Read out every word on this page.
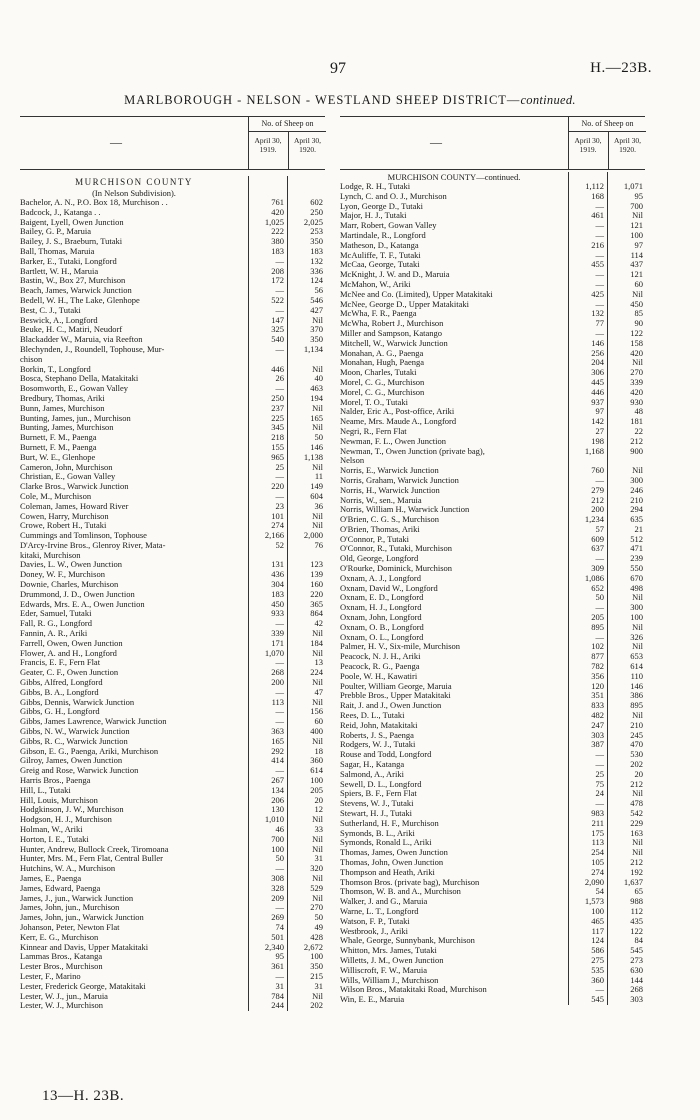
97	H.—23B.
MARLBOROUGH - NELSON - WESTLAND SHEEP DISTRICT—continued.
—
No. of Sheep on
April 30, 1919.
April 30, 1920.
MURCHISON COUNTY
(In Nelson Subdivision).
Bachelor, A. N., P.O. Box 18, Murchison . .	761	602
Badcock, J., Katanga . .	420	250
Baigent, Lyell, Owen Junction	1,025	2,025
Bailey, G. P., Maruia	222	253
Bailey, J. S., Braeburn, Tutaki	380	350
Ball, Thomas, Maruia	183	183
Barker, E., Tutaki, Longford	—	132
Bartlett, W. H., Maruia	208	336
Bastin, W., Box 27, Murchison	172	124
Beach, James, Warwick Junction	—	56
Bedell, W. H., The Lake, Glenhope	522	546
Best, C. J., Tutaki	—	427
Beswick, A., Longford	147	Nil
Beuke, H. C., Matiri, Neudorf	325	370
Blackadder W., Maruia, via Reefton	540	350
Blechynden, J., Roundell, Tophouse, Mur-	—	1,134
chison
Borkin, T., Longford	446	Nil
Bosca, Stephano Della, Matakitaki	26	40
Bosomworth, E., Gowan Valley	—	463
Bredbury, Thomas, Ariki	250	194
Bunn, James, Murchison	237	Nil
Bunting, James, jun., Murchison	225	165
Bunting, James, Murchison	345	Nil
Burnett, F. M., Paenga	218	50
Burnett, F. M., Paenga	155	146
Burt, W. E., Glenhope	965	1,138
Cameron, John, Murchison	25	Nil
Christian, E., Gowan Valley	—	11
Clarke Bros., Warwick Junction	220	149
Cole, M., Murchison	—	604
Coleman, James, Howard River	23	36
Cowen, Harry, Murchison	101	Nil
Crowe, Robert H., Tutaki	274	Nil
Cummings and Tomlinson, Tophouse	2,166	2,000
D'Arcy-Irvine Bros., Glenroy River, Mata-	52	76
kitaki, Murchison
Davies, L. W., Owen Junction	131	123
Doney, W. F., Murchison	436	139
Downie, Charles, Murchison	304	160
Drummond, J. D., Owen Junction	183	220
Edwards, Mrs. E. A., Owen Junction	450	365
Eder, Samuel, Tutaki	933	864
Fall, R. G., Longford	—	42
Fannin, A. R., Ariki	339	Nil
Farrell, Owen, Owen Junction	171	184
Flower, A. and H., Longford	1,070	Nil
Francis, E. F., Fern Flat	—	13
Geater, C. F., Owen Junction	268	224
Gibbs, Alfred, Longford	200	Nil
Gibbs, B. A., Longford	—	47
Gibbs, Dennis, Warwick Junction	113	Nil
Gibbs, G. H., Longford	—	156
Gibbs, James Lawrence, Warwick Junction	—	60
Gibbs, N. W., Warwick Junction	363	400
Gibbs, R. C., Warwick Junction	165	Nil
Gibson, E. G., Paenga, Ariki, Murchison	292	18
Gilroy, James, Owen Junction	414	360
Greig and Rose, Warwick Junction	—	614
Harris Bros., Paenga	267	100
Hill, L., Tutaki	134	205
Hill, Louis, Murchison	206	20
Hodgkinson, J. W., Murchison	130	12
Hodgson, H. J., Murchison	1,010	Nil
Holman, W., Ariki	46	33
Horton, I. E., Tutaki	700	Nil
Hunter, Andrew, Bullock Creek, Tiromoana	100	Nil
Hunter, Mrs. M., Fern Flat, Central Buller	50	31
Hutchins, W. A., Murchison	—	320
James, E., Paenga	308	Nil
James, Edward, Paenga	328	529
James, J., jun., Warwick Junction	209	Nil
James, John, jun., Murchison	—	270
James, John, jun., Warwick Junction	269	50
Johanson, Peter, Newton Flat	74	49
Kerr, E. G., Murchison	501	428
Kinnear and Davis, Upper Matakitaki	2,340	2,672
Lammas Bros., Katanga	95	100
Lester Bros., Murchison	361	350
Lester, F., Marino	—	215
Lester, Frederick George, Matakitaki	31	31
Lester, W. J., jun., Maruia	784	Nil
Lester, W. J., Murchison	244	202
—
No. of Sheep on
April 30, 1919.
April 30, 1920.
MURCHISON COUNTY—continued.
Lodge, R. H., Tutaki	1,112	1,071
Lynch, C. and O. J., Murchison	168	95
Lyon, George D., Tutaki	—	700
Major, H. J., Tutaki	461	Nil
Marr, Robert, Gowan Valley	—	121
Martindale, R., Longford	—	100
Matheson, D., Katanga	216	97
McAuliffe, T. F., Tutaki	—	114
McCaa, George, Tutaki	455	437
McKnight, J. W. and D., Maruia	—	121
McMahon, W., Ariki	—	60
McNee and Co. (Limited), Upper Matakitaki	425	Nil
McNee, George D., Upper Matakitaki	—	450
McWha, F. R., Paenga	132	85
McWha, Robert J., Murchison	77	90
Miller and Sampson, Katango	—	122
Mitchell, W., Warwick Junction	146	158
Monahan, A. G., Paenga	256	420
Monahan, Hugh, Paenga	204	Nil
Moon, Charles, Tutaki	306	270
Morel, C. G., Murchison	445	339
Morel, C. G., Murchison	446	420
Morel, T. O., Tutaki	937	930
Nalder, Eric A., Post-office, Ariki	97	48
Neame, Mrs. Maude A., Longford	142	181
Negri, R., Fern Flat	27	22
Newman, F. L., Owen Junction	198	212
Newman, T., Owen Junction (private bag),	1,168	900
Nelson
Norris, E., Warwick Junction	760	Nil
Norris, Graham, Warwick Junction	—	300
Norris, H., Warwick Junction	279	246
Norris, W., sen., Maruia	212	210
Norris, William H., Warwick Junction	200	294
O'Brien, C. G. S., Murchison	1,234	635
O'Brien, Thomas, Ariki	57	21
O'Connor, P., Tutaki	609	512
O'Connor, R., Tutaki, Murchison	637	471
Old, George, Longford	—	239
O'Rourke, Dominick, Murchison	309	550
Oxnam, A. J., Longford	1,086	670
Oxnam, David W., Longford	652	498
Oxnam, E. D., Longford	50	Nil
Oxnam, H. J., Longford	—	300
Oxnam, John, Longford	205	100
Oxnam, O. B., Longford	895	Nil
Oxnam, O. L., Longford	—	326
Palmer, H. V., Six-mile, Murchison	102	Nil
Peacock, N. J. H., Ariki	877	653
Peacock, R. G., Paenga	782	614
Poole, W. H., Kawatiri	356	110
Poulter, William George, Maruia	120	146
Prebble Bros., Upper Matakitaki	351	386
Rait, J. and J., Owen Junction	833	895
Rees, D. L., Tutaki	482	Nil
Reid, John, Matakitaki	247	210
Roberts, J. S., Paenga	303	245
Rodgers, W. J., Tutaki	387	470
Rouse and Todd, Longford	—	530
Sagar, H., Katanga	—	202
Salmond, A., Ariki	25	20
Sewell, D. L., Longford	75	212
Spiers, B. F., Fern Flat	24	Nil
Stevens, W. J., Tutaki	—	478
Stewart, H. J., Tutaki	983	542
Sutherland, H. F., Murchison	211	229
Symonds, B. L., Ariki	175	163
Symonds, Ronald L., Ariki	113	Nil
Thomas, James, Owen Junction	254	Nil
Thomas, John, Owen Junction	105	212
Thompson and Heath, Ariki	274	192
Thomson Bros. (private bag), Murchison	2,090	1,637
Thomson, W. B. and A., Murchison	54	65
Walker, J. and G., Maruia	1,573	988
Warne, L. T., Longford	100	112
Watson, F. P., Tutaki	465	435
Westbrook, J., Ariki	117	122
Whale, George, Sunnybank, Murchison	124	84
Whitton, Mrs. James, Tutaki	586	545
Willetts, J. M., Owen Junction	275	273
Williscroft, F. W., Maruia	535	630
Wills, William J., Murchison	360	144
Wilson Bros., Matakitaki Road, Murchison	—	268
Win, E. E., Maruia	545	303
13—H. 23B.
